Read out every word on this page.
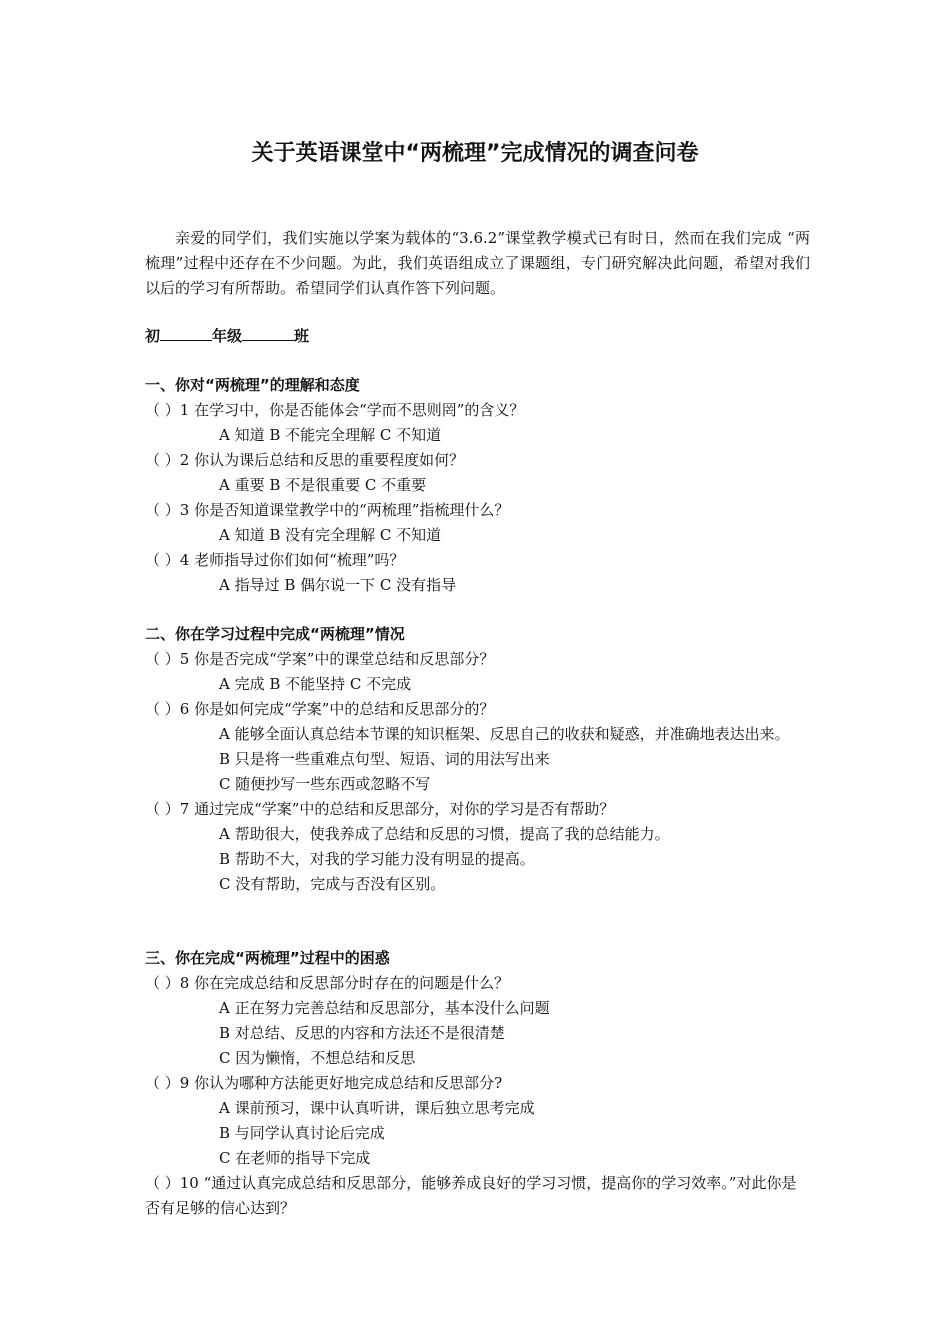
关于英语课堂中“两梳理”完成情况的调查问卷
亲爱的同学们，我们实施以学案为载体的“3.6.2”课堂教学模式已有时日，然而在我们完成 “两梳理”过程中还存在不少问题。为此，我们英语组成立了课题组，专门研究解决此问题，希望对我们以后的学习有所帮助。希望同学们认真作答下列问题。
初	年级	班
一、你对“两梳理”的理解和态度
（ ）1 在学习中，你是否能体会“学而不思则罔”的含义？
A 知道 B 不能完全理解 C 不知道
（ ）2 你认为课后总结和反思的重要程度如何？
A 重要 B 不是很重要 C 不重要
（ ）3 你是否知道课堂教学中的“两梳理”指梳理什么？
A 知道 B 没有完全理解 C 不知道
（ ）4 老师指导过你们如何“梳理”吗？
A 指导过 B 偶尔说一下 C 没有指导
二、你在学习过程中完成“两梳理”情况
（ ）5 你是否完成“学案”中的课堂总结和反思部分？
A 完成 B 不能坚持 C 不完成
（ ）6 你是如何完成“学案”中的总结和反思部分的？
A 能够全面认真总结本节课的知识框架、反思自己的收获和疑惑，并准确地表达出来。
B 只是将一些重难点句型、短语、词的用法写出来
C 随便抄写一些东西或忽略不写
（ ）7 通过完成“学案”中的总结和反思部分，对你的学习是否有帮助？
A 帮助很大，使我养成了总结和反思的习惯，提高了我的总结能力。
B 帮助不大，对我的学习能力没有明显的提高。
C 没有帮助，完成与否没有区别。
三、你在完成“两梳理”过程中的困惑
（ ）8 你在完成总结和反思部分时存在的问题是什么？
A 正在努力完善总结和反思部分，基本没什么问题
B 对总结、反思的内容和方法还不是很清楚
C 因为懒惰，不想总结和反思
（ ）9 你认为哪种方法能更好地完成总结和反思部分?
A 课前预习，课中认真听讲，课后独立思考完成
B 与同学认真讨论后完成
C 在老师的指导下完成
（ ）10 “通过认真完成总结和反思部分，能够养成良好的学习习惯，提高你的学习效率。”对此你是否有足够的信心达到？
